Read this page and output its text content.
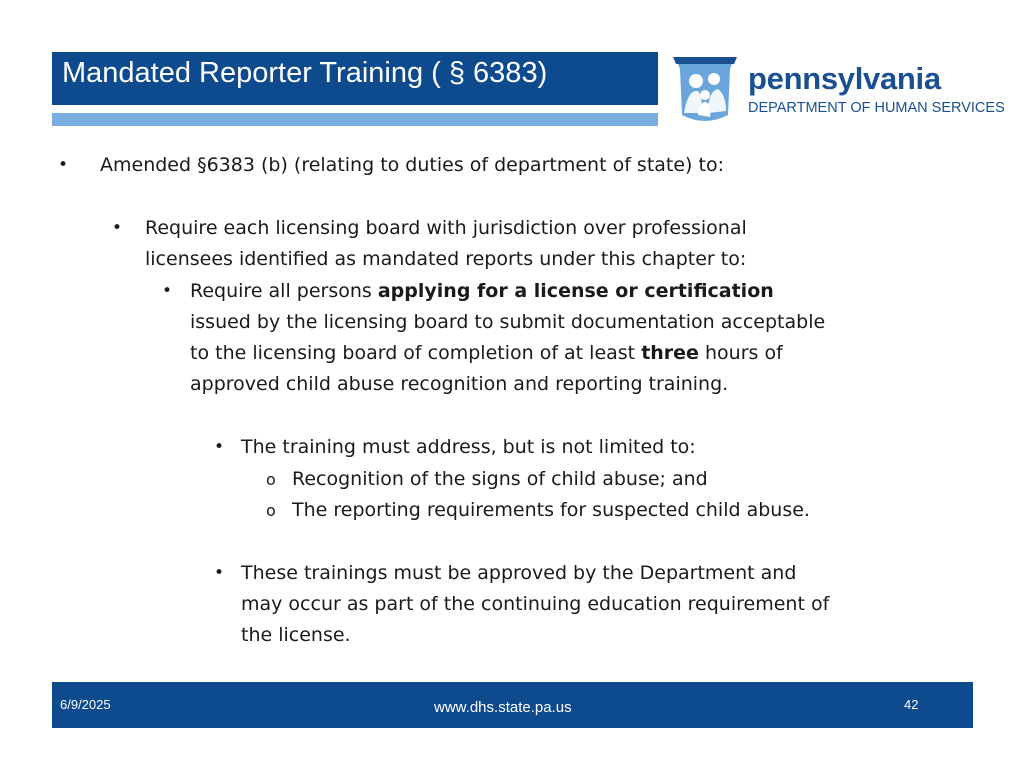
Mandated Reporter Training ( § 6383)	pennsylvania
DEPARTMENT OF HUMAN SERVICES
• Amended §6383 (b) (relating to duties of department of state) to:
• Require each licensing board with jurisdiction over professional
licensees identified as mandated reports under this chapter to:
• Require all persons applying for a license or certification
issued by the licensing board to submit documentation acceptable
to the licensing board of completion of at least three hours of
approved child abuse recognition and reporting training.
• The training must address, but is not limited to:
o Recognition of the signs of child abuse; and
o The reporting requirements for suspected child abuse.
• These trainings must be approved by the Department and
may occur as part of the continuing education requirement of
the license.
6/9/2025	www.dhs.state.pa.us	42
